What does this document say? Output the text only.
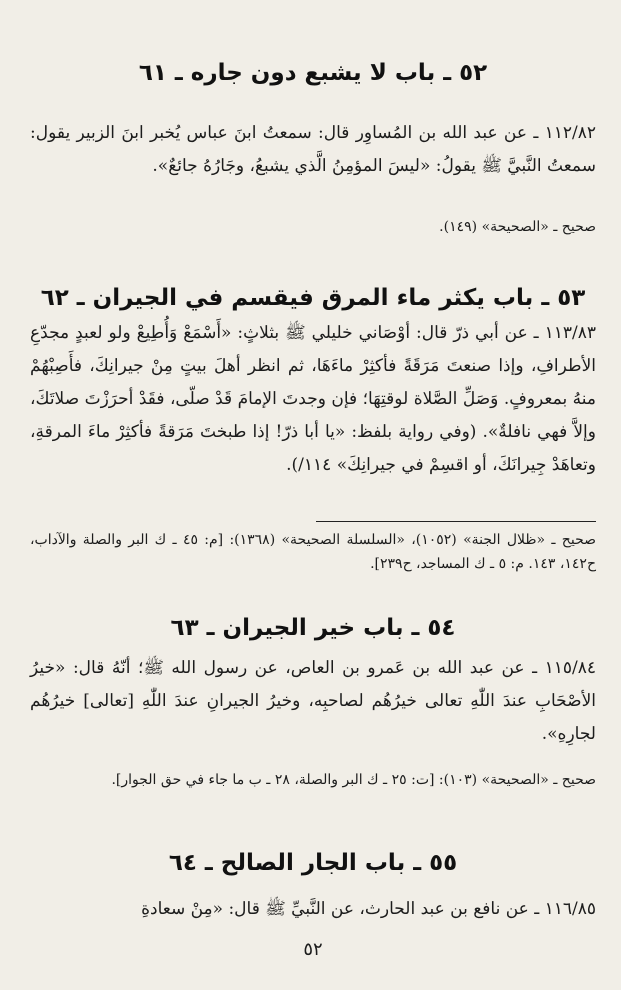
٥٢ ـ باب لا يشبع دون جاره ـ ٦١
١١٢/٨٢ ـ عن عبد الله بن المُساوِر قال: سمعتُ ابنَ عباس يُخبر ابنَ الزبير يقول: سمعتُ النَّبيَّ ﷺ يقولُ: «ليسَ المؤمِنُ الَّذي يشبعُ، وجَارُهُ جائعٌ».
صحيح ـ «الصحيحة» (١٤٩).
٥٣ ـ باب يكثر ماء المرق فيقسم في الجيران ـ ٦٢
١١٣/٨٣ ـ عن أبي ذرّ قال: أوْصَاني خليلي ﷺ بثلاثٍ: «أَسْمَعْ وَأُطِيعْ ولو لعبدٍ مجدّعِ الأطرافِ، وإذا صنعتَ مَرَقَةً فأكثِرْ ماءَهَا، ثم انظر أهلَ بيتٍ مِنْ جيرانِكَ، فأَصِبْهُمْ منهُ بمعروفٍ. وَصَلِّ الصَّلاة لوقتِهَا؛ فإن وجدتَ الإمامَ قَدْ صلّى، فقَدْ أحرَزْتَ صلاتَكَ، وإلاَّ فهي نافلةٌ». (وفي رواية بلفظ: «يا أبا ذرّ! إذا طبختَ مَرَقةً فأكثِرْ ماءَ المرقةِ، وتعاهَدْ جِيرانَكَ، أو اقسِمْ في جيرانِكَ» ١١٤/).
صحيح ـ «ظلال الجنة» (١٠٥٢)، «السلسلة الصحيحة» (١٣٦٨): [م: ٤٥ ـ ك البر والصلة والآداب، ح١٤٢، ١٤٣. م: ٥ ـ ك المساجد، ح٢٣٩].
٥٤ ـ باب خير الجيران ـ ٦٣
١١٥/٨٤ ـ عن عبد الله بن عَمرو بن العاص، عن رسول الله ﷺ؛ أنّهُ قال: «خيرُ الأصْحَابِ عندَ اللّٰهِ تعالى خيرُهُم لصاحبِه، وخيرُ الجيرانِ عندَ اللّٰهِ [تعالى] خيرُهُم لجارِهِ».
صحيح ـ «الصحيحة» (١٠٣): [ت: ٢٥ ـ ك البر والصلة، ٢٨ ـ ب ما جاء في حق الجوار].
٥٥ ـ باب الجار الصالح ـ ٦٤
١١٦/٨٥ ـ عن نافع بن عبد الحارث، عن النَّبيِّ ﷺ قال: «مِنْ سعادةِ
٥٢
